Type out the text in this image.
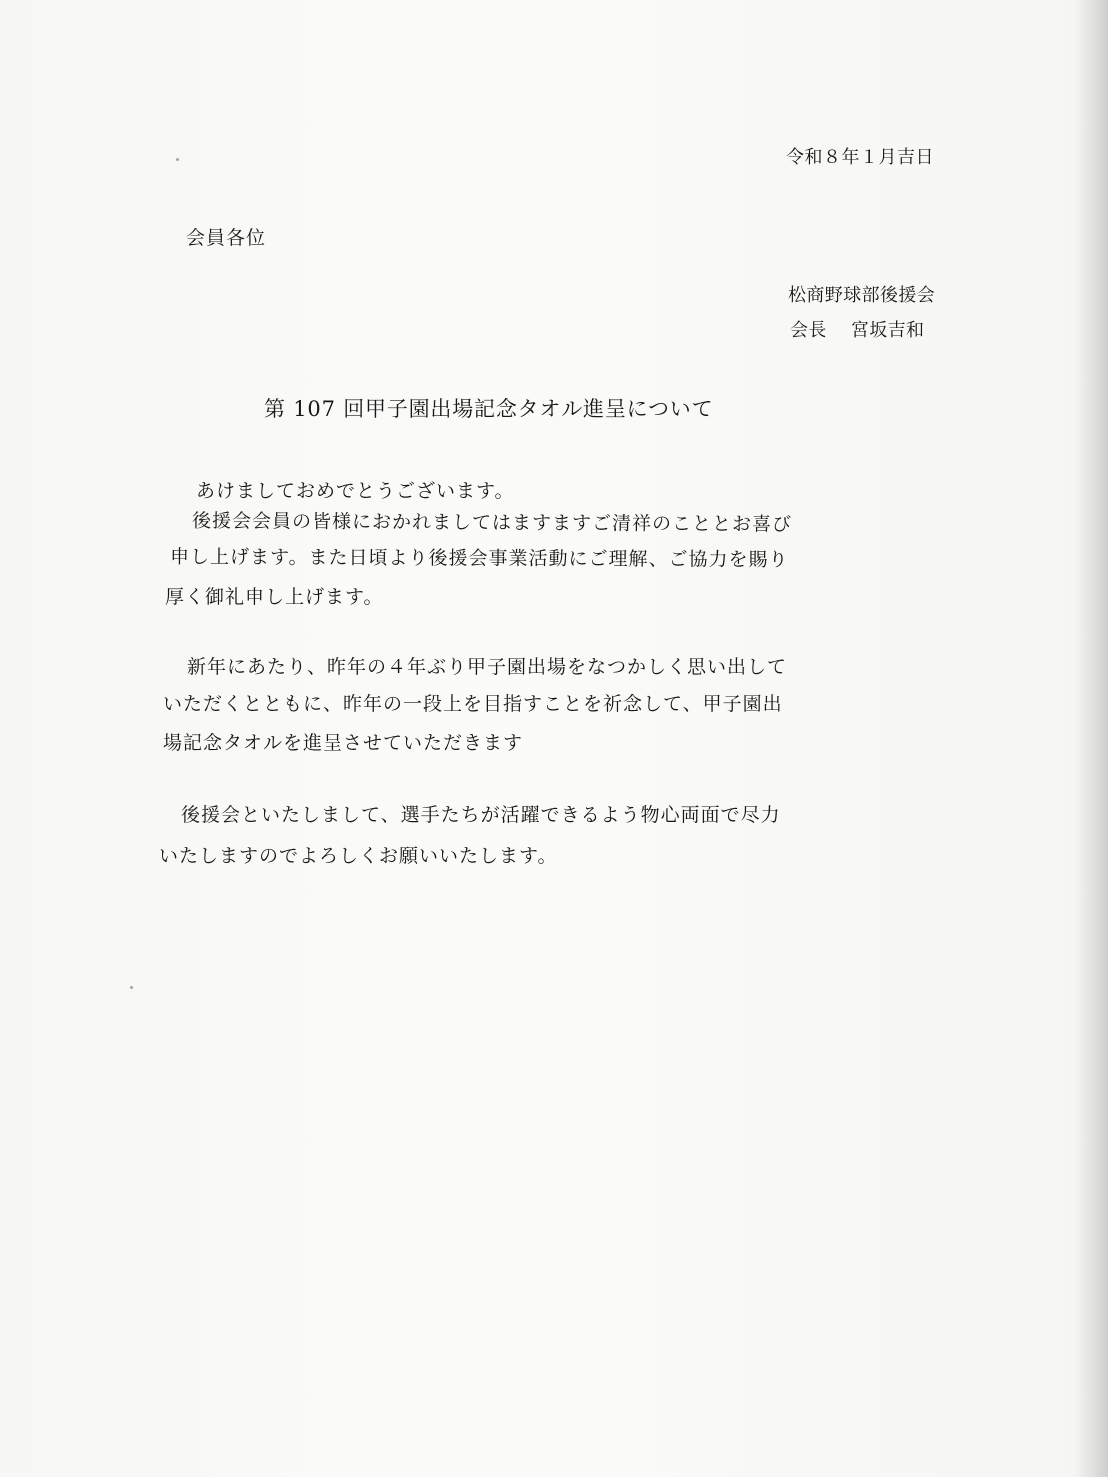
令和８年１月吉日
会員各位
松商野球部後援会
会長 宮坂吉和
第 107 回甲子園出場記念タオル進呈について
あけましておめでとうございます。
後援会会員の皆様におかれましてはますますご清祥のこととお喜び
申し上げます。また日頃より後援会事業活動にご理解、ご協力を賜り
厚く御礼申し上げます。
新年にあたり、昨年の４年ぶり甲子園出場をなつかしく思い出して
いただくとともに、昨年の一段上を目指すことを祈念して、甲子園出
場記念タオルを進呈させていただきます
後援会といたしまして、選手たちが活躍できるよう物心両面で尽力
いたしますのでよろしくお願いいたします。
